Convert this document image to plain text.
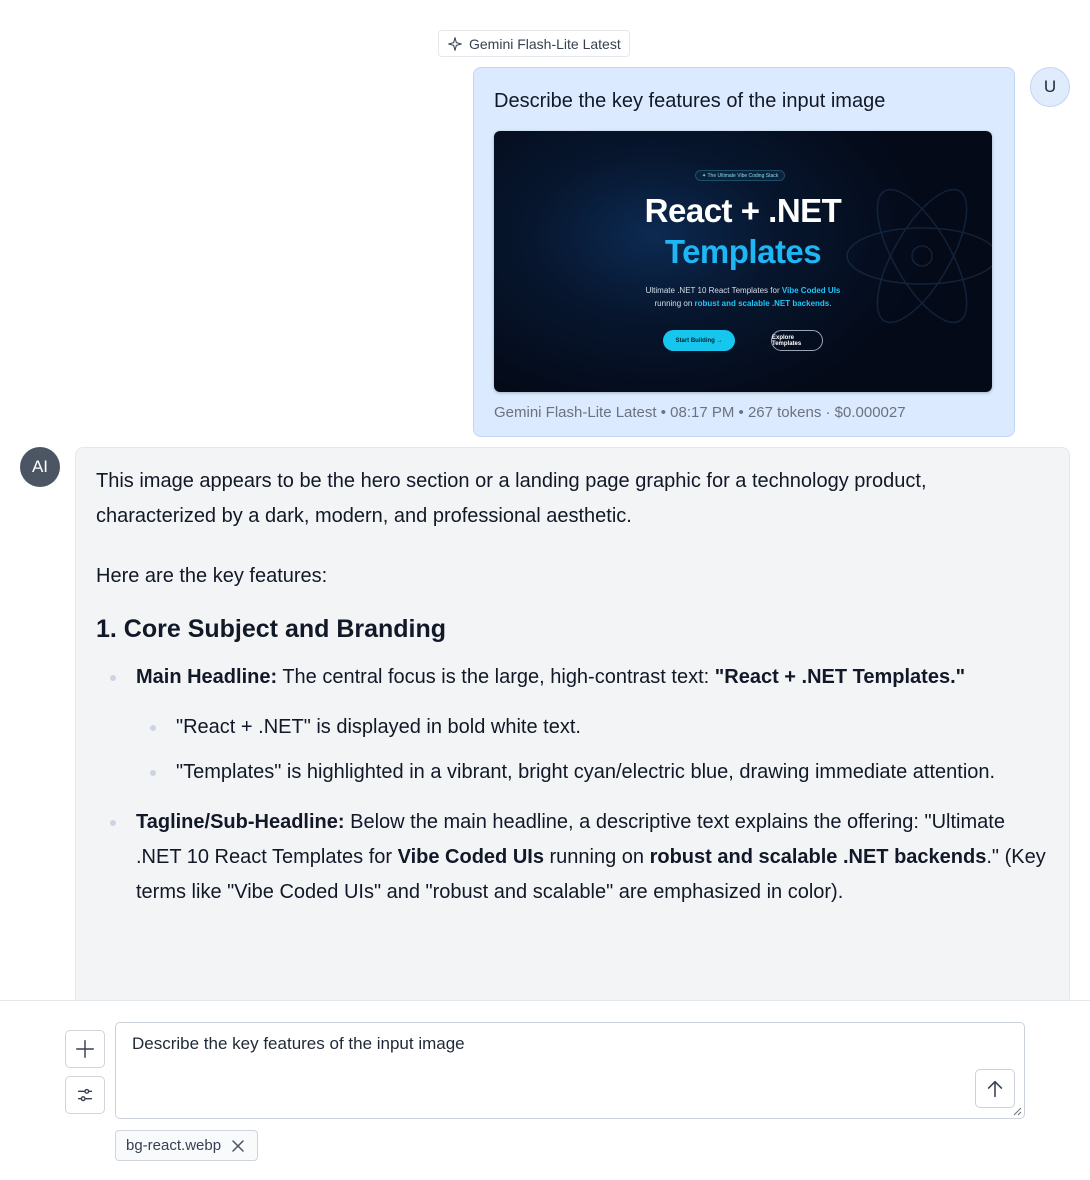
Gemini Flash-Lite Latest
U

Describe the key features of the input image

✦ The Ultimate Vibe Coding Stack
React + .NET
Templates
Ultimate .NET 10 React Templates for Vibe Coded UIs
running on robust and scalable .NET backends.
Start Building →	Explore Templates
Gemini Flash-Lite Latest • 08:17 PM • 267 tokens · $0.000027
AI

This image appears to be the hero section or a landing page graphic for a technology product, characterized by a dark, modern, and professional aesthetic.

Here are the key features:

1. Core Subject and Branding
Main Headline: The central focus is the large, high-contrast text: "React + .NET Templates."
"React + .NET" is displayed in bold white text.
"Templates" is highlighted in a vibrant, bright cyan/electric blue, drawing immediate attention.
Tagline/Sub-Headline: Below the main headline, a descriptive text explains the offering: "Ultimate .NET 10 React Templates for Vibe Coded UIs running on robust and scalable .NET backends." (Key terms like "Vibe Coded UIs" and "robust and scalable" are emphasized in color).
Describe the key features of the input image
bg-react.webp
